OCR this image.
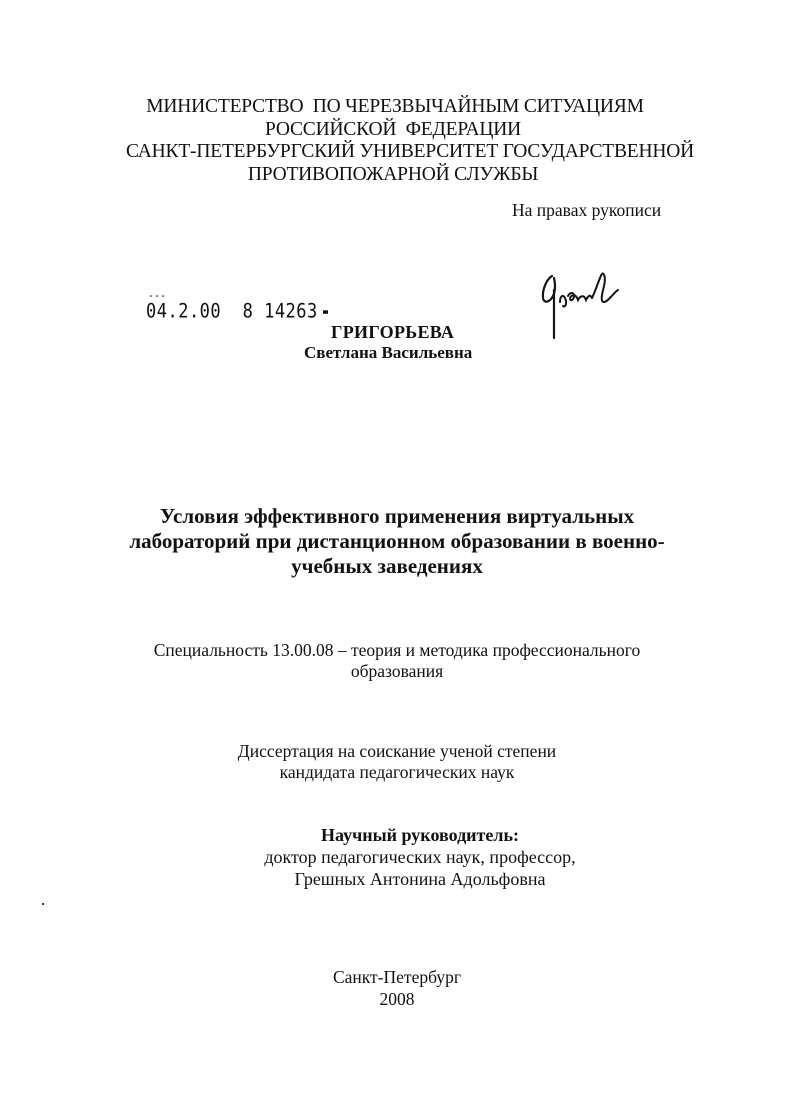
МИНИСТЕРСТВО  ПО ЧЕРЕЗВЫЧАЙНЫМ СИТУАЦИЯМ
РОССИЙСКОЙ  ФЕДЕРАЦИИ
САНКТ-ПЕТЕРБУРГСКИЙ УНИВЕРСИТЕТ ГОСУДАРСТВЕННОЙ
ПРОТИВОПОЖАРНОЙ СЛУЖБЫ
На правах рукописи
---
04.2.00  8 14263
ГРИГОРЬЕВА
Светлана Васильевна
Условия эффективного применения виртуальных
лабораторий при дистанционном образовании в военно-
учебных заведениях
Специальность 13.00.08 – теория и методика профессионального
образования
Диссертация на соискание ученой степени
кандидата педагогических наук
Научный руководитель:
доктор педагогических наук, профессор,
Грешных Антонина Адольфовна
Санкт-Петербург
2008
